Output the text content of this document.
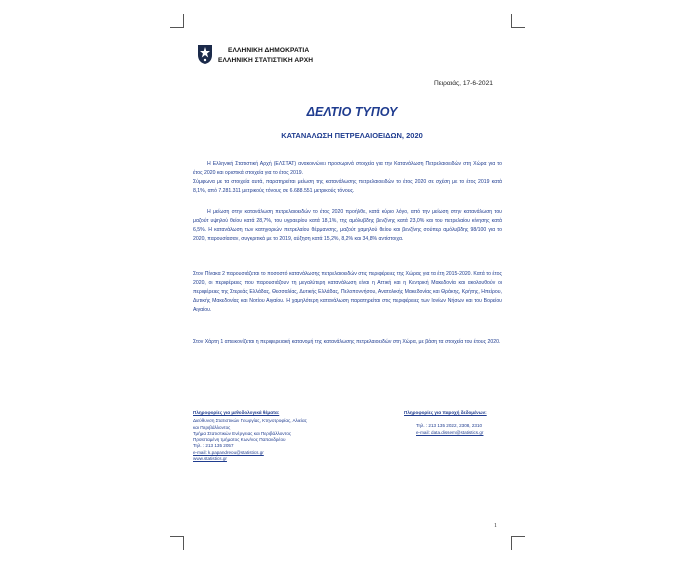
ΕΛΛΗΝΙΚΗ ΔΗΜΟΚΡΑΤΙΑ
ΕΛΛΗΝΙΚΗ ΣΤΑΤΙΣΤΙΚΗ ΑΡΧΗ
Πειραιάς, 17-6-2021
ΔΕΛΤΙΟ ΤΥΠΟΥ
ΚΑΤΑΝΑΛΩΣΗ ΠΕΤΡΕΛΑΙΟΕΙΔΩΝ, 2020

Η Ελληνική Στατιστική Αρχή (ΕΛΣΤΑΤ) ανακοινώνει προσωρινά στοιχεία για την Κατανάλωση Πετρελαιοειδών στη Χώρα για το έτος 2020 και οριστικά στοιχεία για το έτος 2019.

Σύμφωνα με τα στοιχεία αυτά, παρατηρείται μείωση της κατανάλωσης πετρελαιοειδών το έτος 2020 σε σχέση με το έτος 2019 κατά 8,1%, από 7.281.311 μετρικούς τόνους σε 6.688.551 μετρικούς τόνους.

Η μείωση στην κατανάλωση πετρελαιοειδών το έτος 2020 προήλθε, κατά κύριο λόγο, από την μείωση στην κατανάλωση του μαζούτ υψηλού θείου κατά 28,7%, του υγραερίου κατά 18,1%, της αμόλυβδης βενζίνης κατά 23,0% και του πετρελαίου κίνησης κατά 6,5%. Η κατανάλωση των κατηγοριών πετρελαίου θέρμανσης, μαζούτ χαμηλού θείου και βενζίνης σούπερ αμόλυβδης 98/100 για το 2020, παρουσίασαν, συγκριτικά με το 2019, αύξηση κατά 15,2%, 8,2% και 34,8% αντίστοιχα.

Στον Πίνακα 2 παρουσιάζεται το ποσοστό κατανάλωσης πετρελαιοειδών στις περιφέρειες της Χώρας για τα έτη 2015-2020. Κατά το έτος 2020, οι περιφέρειες που παρουσιάζουν τη μεγαλύτερη κατανάλωση είναι η Αττική και η Κεντρική Μακεδονία και ακολουθούν οι περιφέρειες της Στερεάς Ελλάδας, Θεσσαλίας, Δυτικής Ελλάδας, Πελοποννήσου, Ανατολικής Μακεδονίας και Θράκης, Κρήτης, Ηπείρου, Δυτικής Μακεδονίας και Νοτίου Αιγαίου. Η χαμηλότερη κατανάλωση παρατηρείται στις περιφέρειες των Ιονίων Νήσων και του Βορείου Αιγαίου.

Στον Χάρτη 1 απεικονίζεται η περιφερειακή κατανομή της κατανάλωσης πετρελαιοειδών στη Χώρα, με βάση τα στοιχεία του έτους 2020.

Πληροφορίες για μεθοδολογικά θέματα:
Διεύθυνση Στατιστικών Γεωργίας, Κτηνοτροφίας, Αλιείας
και Περιβάλλοντος
Τμήμα Στατιστικών Ενέργειας και Περιβάλλοντος
Προϊσταμένη τμήματος Κων/νος Παπανδρέου
Τηλ. : 213 135 2057
e-mail: k.papandreou@statistics.gr
www.statistics.gr
Πληροφορίες για παροχή δεδομένων:
Τηλ. : 213 135 2022, 2308, 2310
e-mail: data.dissem@statistics.gr
1
